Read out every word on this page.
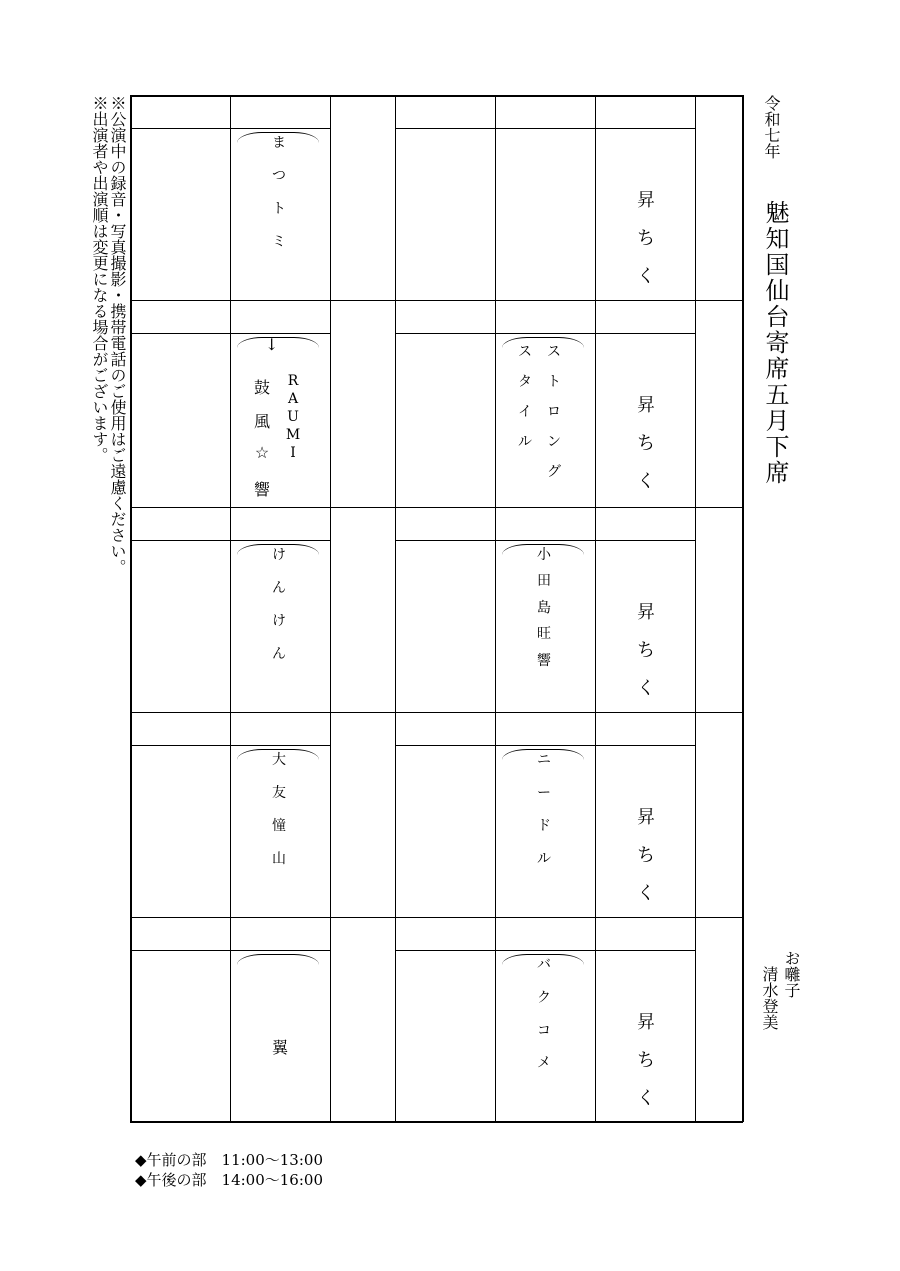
※公演中の録音・写真撮影・携帯電話のご使用はご遠慮ください。
※出演者や出演順は変更になる場合がございます。	令和七年
魅知国仙台寄席五月下席
お囃子
　清水登美
昇
ち
く
ま
つ
ト
ミ
昇
ち
く
鼓
風
☆
響
R
A
U
M
I
↓	ス
ト
ロ
ン
グ
ス
タ
イ
ル
昇
ち
く
け
ん
け
ん
小
田
島
旺
響
昇
ち
く
大
友
憧
山
ニ
ー
ド
ル
昇
ち
く
翼
バ
ク
コ
メ
◆午前の部　11:00〜13:00
◆午後の部　14:00〜16:00
